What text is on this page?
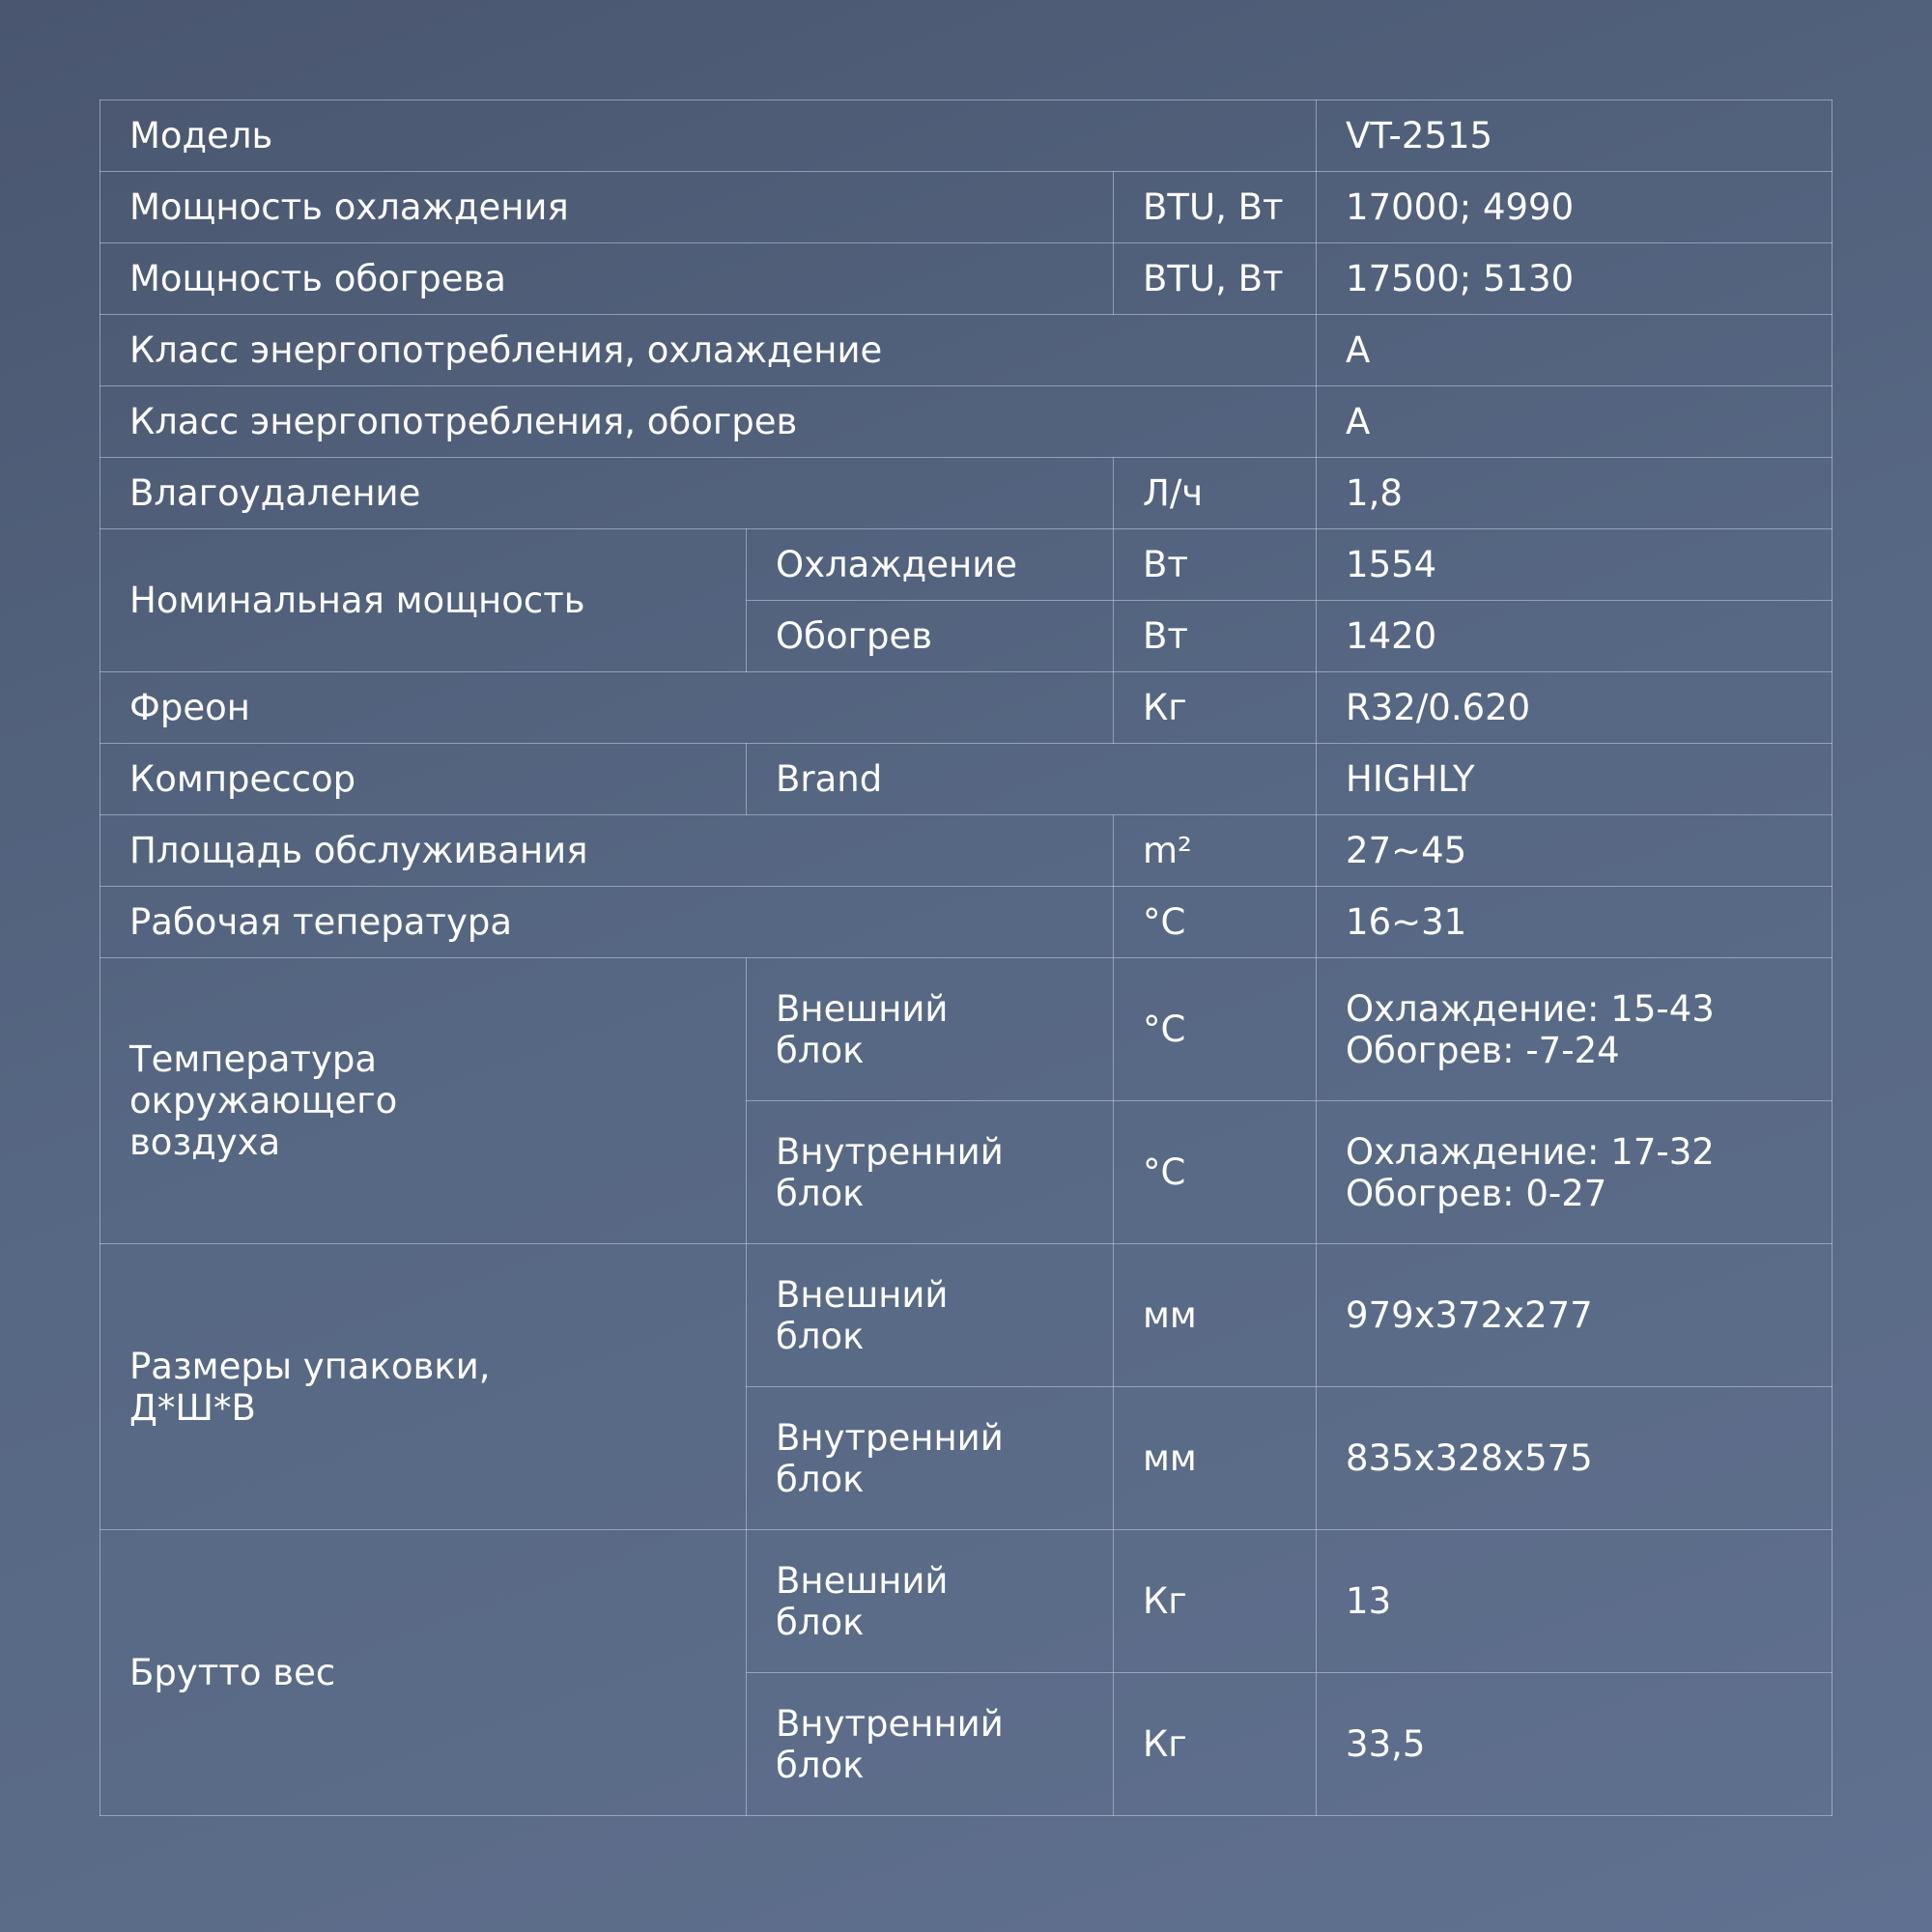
Модель			VT-2515
Мощность охлаждения		BTU, Вт	17000; 4990
Мощность обогрева		BTU, Вт	17500; 5130
Класс энергопотребления, охлаждение			A
Класс энергопотребления, обогрев			A
Влагоудаление		Л/ч	1,8
Номинальная мощность	Охлаждение	Вт	1554
	Обогрев	Вт	1420
Фреон		Кг	R32/0.620
Компрессор	Brand		HIGHLY
Площадь обслуживания		m²	27~45
Рабочая тепература		°C	16~31
Температура окружающего воздуха	Внешний блок	°C	Охлаждение: 15-43
Обогрев: -7-24
	Внутренний блок	°C	Охлаждение: 17-32
Обогрев: 0-27
Размеры упаковки, Д*Ш*В	Внешний блок	мм	979x372x277
	Внутренний блок	мм	835x328x575
Брутто вес	Внешний блок	Кг	13
	Внутренний блок	Кг	33,5
